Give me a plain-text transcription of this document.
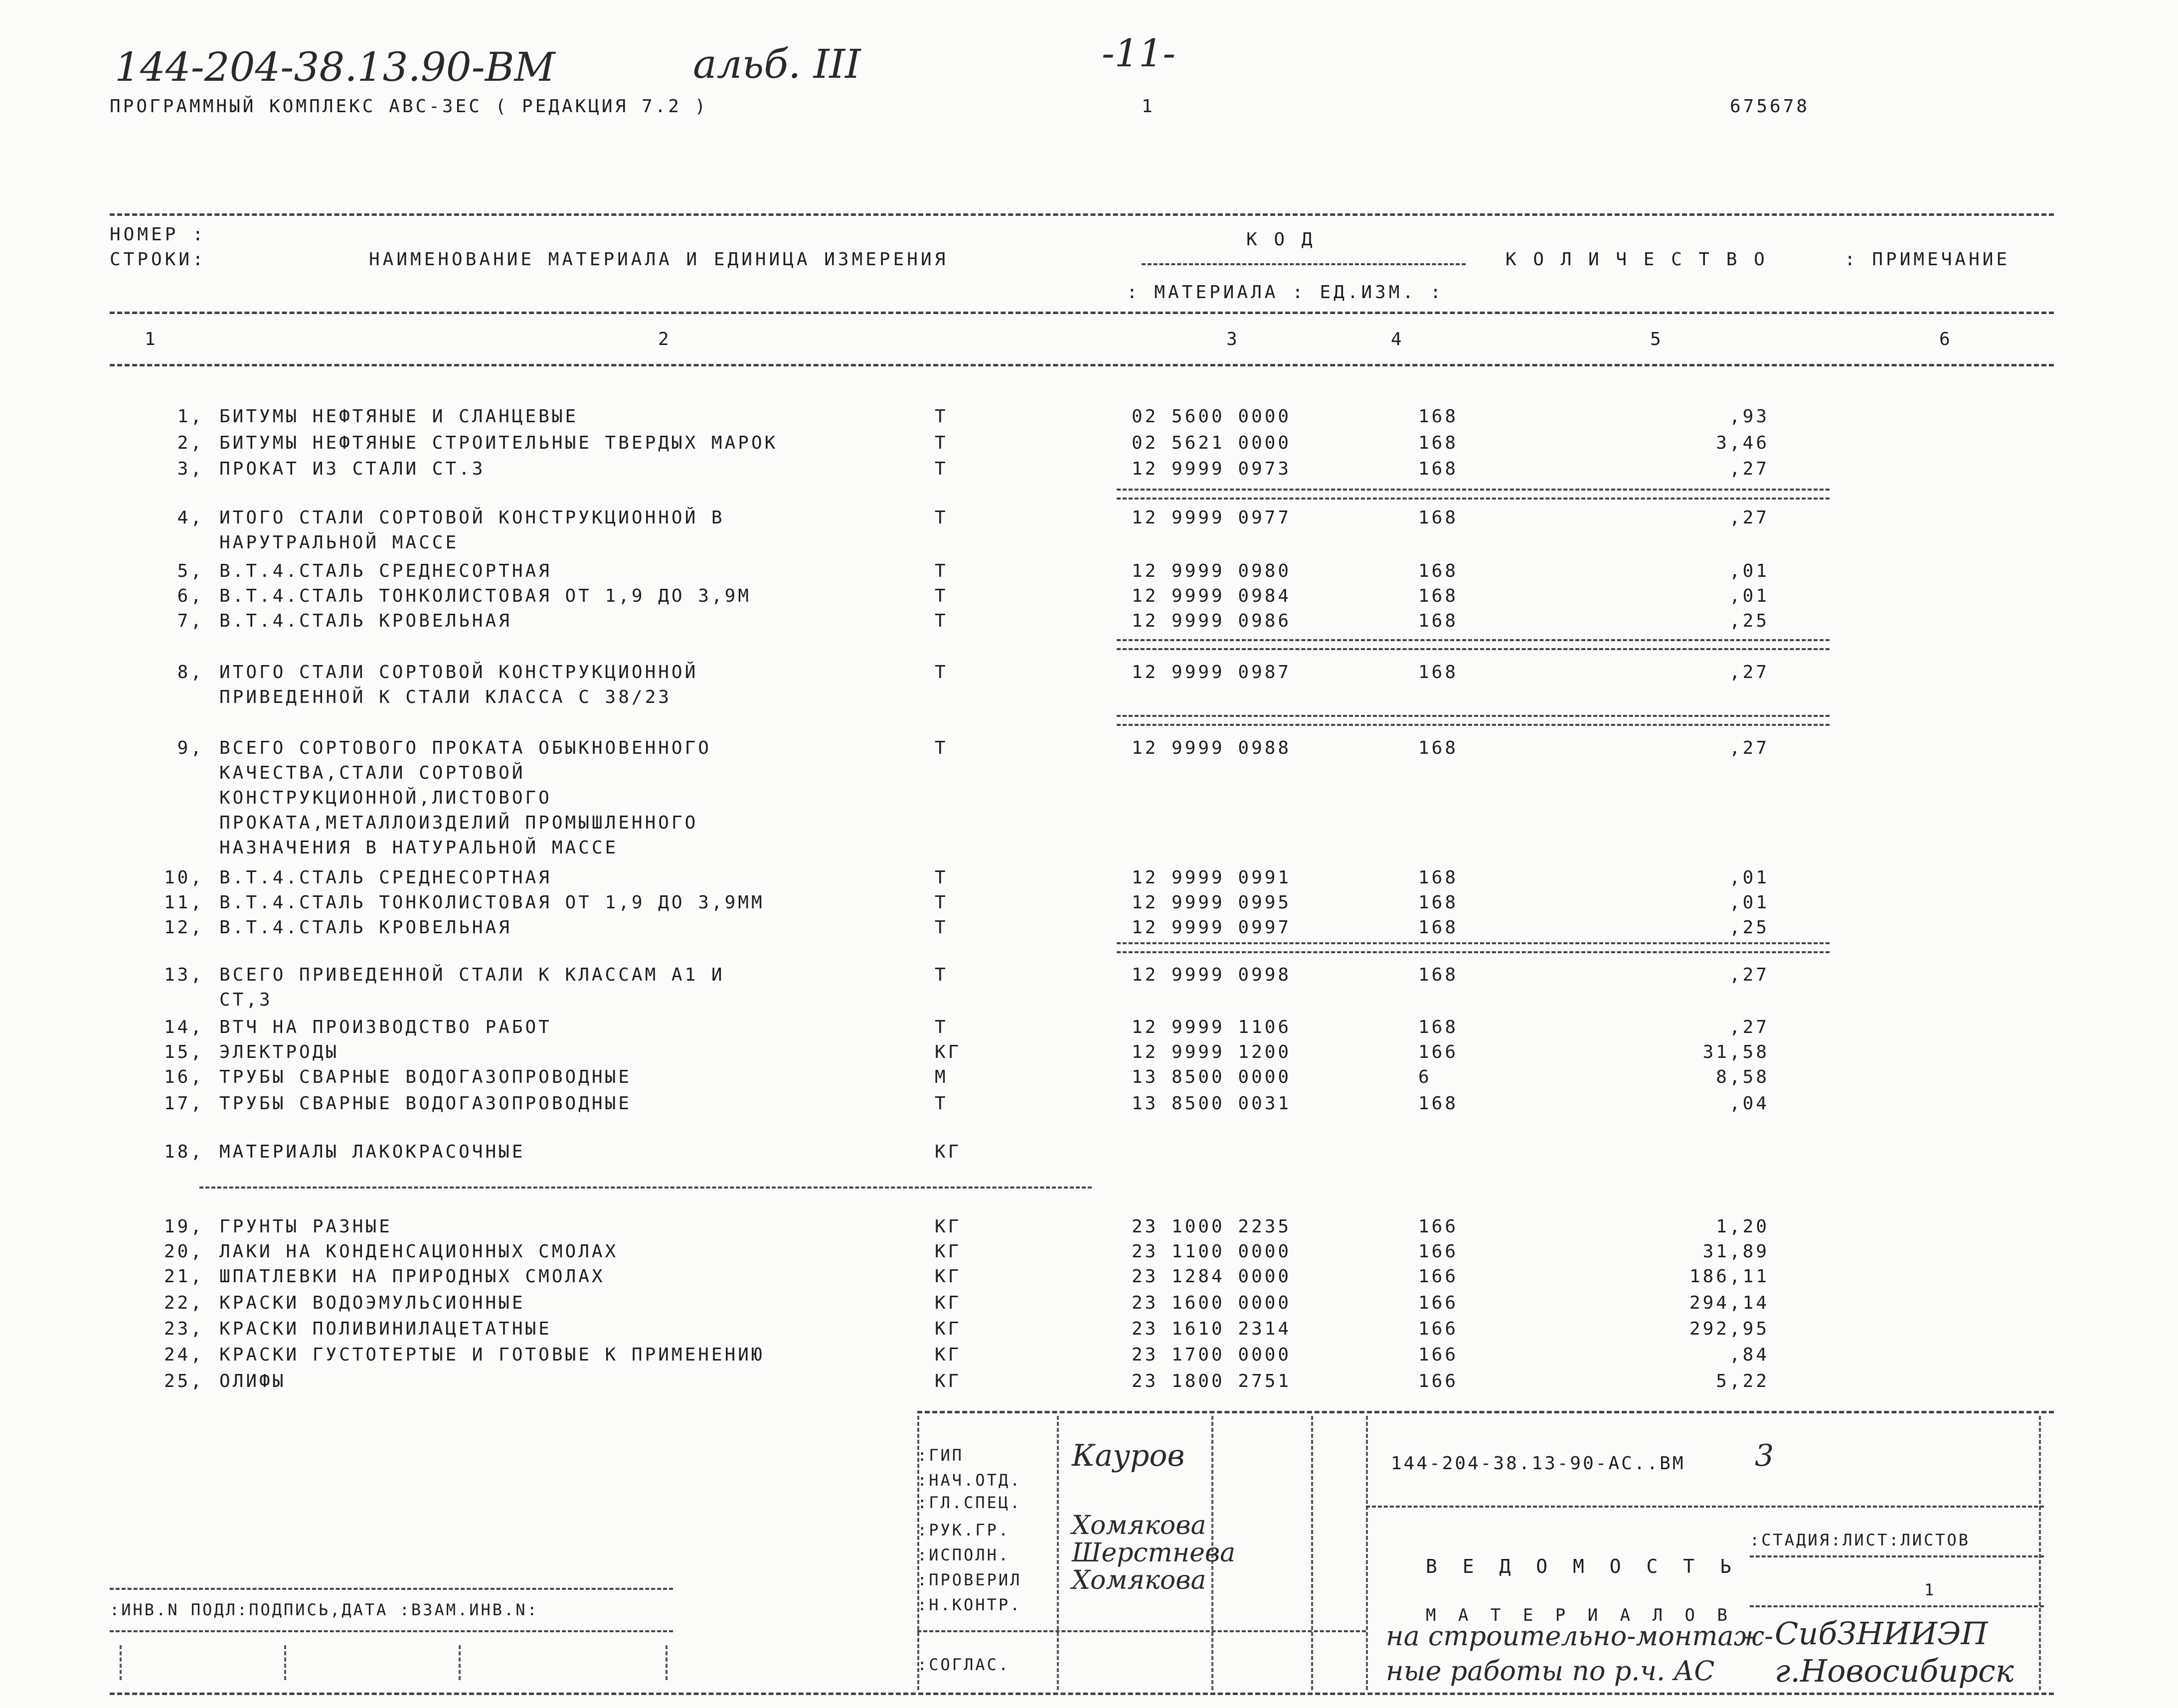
144-204-38.13.90-ВМ	альб. III	-11-
ПРОГРАММНЫЙ КОМПЛЕКС АВС-3ЕС ( РЕДАКЦИЯ 7.2 )	1	675678
НОМЕР :
СТРОКИ:	НАИМЕНОВАНИЕ МАТЕРИАЛА И ЕДИНИЦА ИЗМЕРЕНИЯ
К О Д
: МАТЕРИАЛА : ЕД.ИЗМ. :
К О Л И Ч Е С Т В О	: ПРИМЕЧАНИЕ
1	2	3	4	5	6
1, БИТУМЫ НЕФТЯНЫЕ И СЛАНЦЕВЫЕ	Т	02 5600 0000	168	,93
2, БИТУМЫ НЕФТЯНЫЕ СТРОИТЕЛЬНЫЕ ТВЕРДЫХ МАРОК	Т	02 5621 0000	168	3,46
3, ПРОКАТ ИЗ СТАЛИ СТ.3	Т	12 9999 0973	168	,27
4, ИТОГО СТАЛИ СОРТОВОЙ КОНСТРУКЦИОННОЙ В
НАРУТРАЛЬНОЙ МАССЕ
Т	12 9999 0977	168	,27
5, В.Т.4.СТАЛЬ СРЕДНЕСОРТНАЯ	Т	12 9999 0980	168	,01
6, В.Т.4.СТАЛЬ ТОНКОЛИСТОВАЯ ОТ 1,9 ДО 3,9М	Т	12 9999 0984	168	,01
7, В.Т.4.СТАЛЬ КРОВЕЛЬНАЯ	Т	12 9999 0986	168	,25
8, ИТОГО СТАЛИ СОРТОВОЙ КОНСТРУКЦИОННОЙ
ПРИВЕДЕННОЙ К СТАЛИ КЛАССА С 38/23
Т	12 9999 0987	168	,27
9, ВСЕГО СОРТОВОГО ПРОКАТА ОБЫКНОВЕННОГО
КАЧЕСТВА,СТАЛИ СОРТОВОЙ
КОНСТРУКЦИОННОЙ,ЛИСТОВОГО
ПРОКАТА,МЕТАЛЛОИЗДЕЛИЙ ПРОМЫШЛЕННОГО
НАЗНАЧЕНИЯ В НАТУРАЛЬНОЙ МАССЕ
Т	12 9999 0988	168	,27
10, В.Т.4.СТАЛЬ СРЕДНЕСОРТНАЯ	Т	12 9999 0991	168	,01
11, В.Т.4.СТАЛЬ ТОНКОЛИСТОВАЯ ОТ 1,9 ДО 3,9ММ	Т	12 9999 0995	168	,01
12, В.Т.4.СТАЛЬ КРОВЕЛЬНАЯ	Т	12 9999 0997	168	,25
13, ВСЕГО ПРИВЕДЕННОЙ СТАЛИ К КЛАССАМ А1 И
СТ,3
Т	12 9999 0998	168	,27
14, ВТЧ НА ПРОИЗВОДСТВО РАБОТ	Т	12 9999 1106	168	,27
15, ЭЛЕКТРОДЫ	КГ	12 9999 1200	166	31,58
16, ТРУБЫ СВАРНЫЕ ВОДОГАЗОПРОВОДНЫЕ	М	13 8500 0000	6	8,58
17, ТРУБЫ СВАРНЫЕ ВОДОГАЗОПРОВОДНЫЕ	Т	13 8500 0031	168	,04
18, МАТЕРИАЛЫ ЛАКОКРАСОЧНЫЕ	КГ
19, ГРУНТЫ РАЗНЫЕ	КГ	23 1000 2235	166	1,20
20, ЛАКИ НА КОНДЕНСАЦИОННЫХ СМОЛАХ	КГ	23 1100 0000	166	31,89
21, ШПАТЛЕВКИ НА ПРИРОДНЫХ СМОЛАХ	КГ	23 1284 0000	166	186,11
22, КРАСКИ ВОДОЭМУЛЬСИОННЫЕ	КГ	23 1600 0000	166	294,14
23, КРАСКИ ПОЛИВИНИЛАЦЕТАТНЫЕ	КГ	23 1610 2314	166	292,95
24, КРАСКИ ГУСТОТЕРТЫЕ И ГОТОВЫЕ К ПРИМЕНЕНИЮ	КГ	23 1700 0000	166	,84
25, ОЛИФЫ	КГ	23 1800 2751	166	5,22
:ГИП
:НАЧ.ОТД.
:ГЛ.СПЕЦ.
:РУК.ГР.
:ИСПОЛН.
:ПРОВЕРИЛ
:Н.КОНТР.
:СОГЛАС.
Кауров
Хомякова
Шерстнева
Хомякова
144-204-38.13-90-АС..ВМ 3
В Е Д О М О С Т Ь
М А Т Е Р И А Л О В
на строительно-монтаж-
ные работы по р.ч. АС
:СТАДИЯ:ЛИСТ:ЛИСТОВ
1
СибЗНИИЭП
г.Новосибирск
:ИНВ.N ПОДЛ:ПОДПИСЬ,ДАТА :ВЗАМ.ИНВ.N:
